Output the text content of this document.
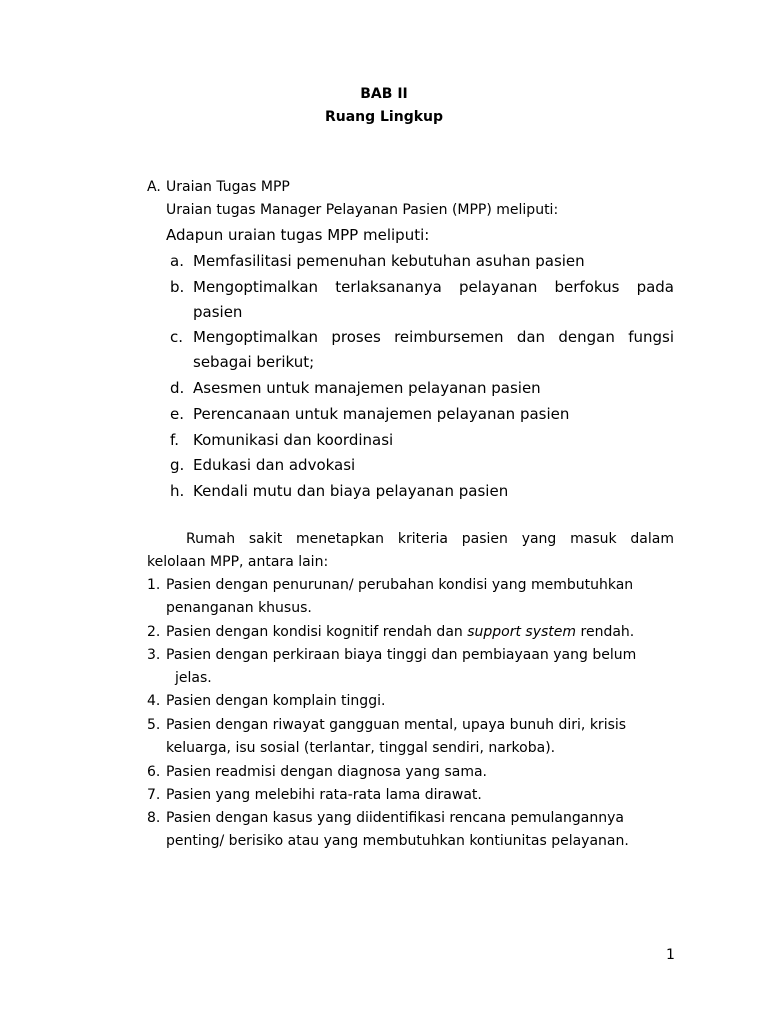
BAB II
Ruang Lingkup
A. Uraian Tugas MPP
Uraian tugas Manager Pelayanan Pasien (MPP) meliputi:
Adapun uraian tugas MPP meliputi:
a. Memfasilitasi pemenuhan kebutuhan asuhan pasien
b. Mengoptimalkan terlaksananya pelayanan berfokus pada
pasien
c. Mengoptimalkan proses reimbursemen dan dengan fungsi
sebagai berikut;
d. Asesmen untuk manajemen pelayanan pasien
e. Perencanaan untuk manajemen pelayanan pasien
f. Komunikasi dan koordinasi
g. Edukasi dan advokasi
h. Kendali mutu dan biaya pelayanan pasien
Rumah sakit menetapkan kriteria pasien yang masuk dalam
kelolaan MPP, antara lain:
1. Pasien dengan penurunan/ perubahan kondisi yang membutuhkan
penanganan khusus.
2. Pasien dengan kondisi kognitif rendah dan support system rendah.
3. Pasien dengan perkiraan biaya tinggi dan pembiayaan yang belum
jelas.
4. Pasien dengan komplain tinggi.
5. Pasien dengan riwayat gangguan mental, upaya bunuh diri, krisis
keluarga, isu sosial (terlantar, tinggal sendiri, narkoba).
6. Pasien readmisi dengan diagnosa yang sama.
7. Pasien yang melebihi rata-rata lama dirawat.
8. Pasien dengan kasus yang diidentifikasi rencana pemulangannya
penting/ berisiko atau yang membutuhkan kontiunitas pelayanan.
1
